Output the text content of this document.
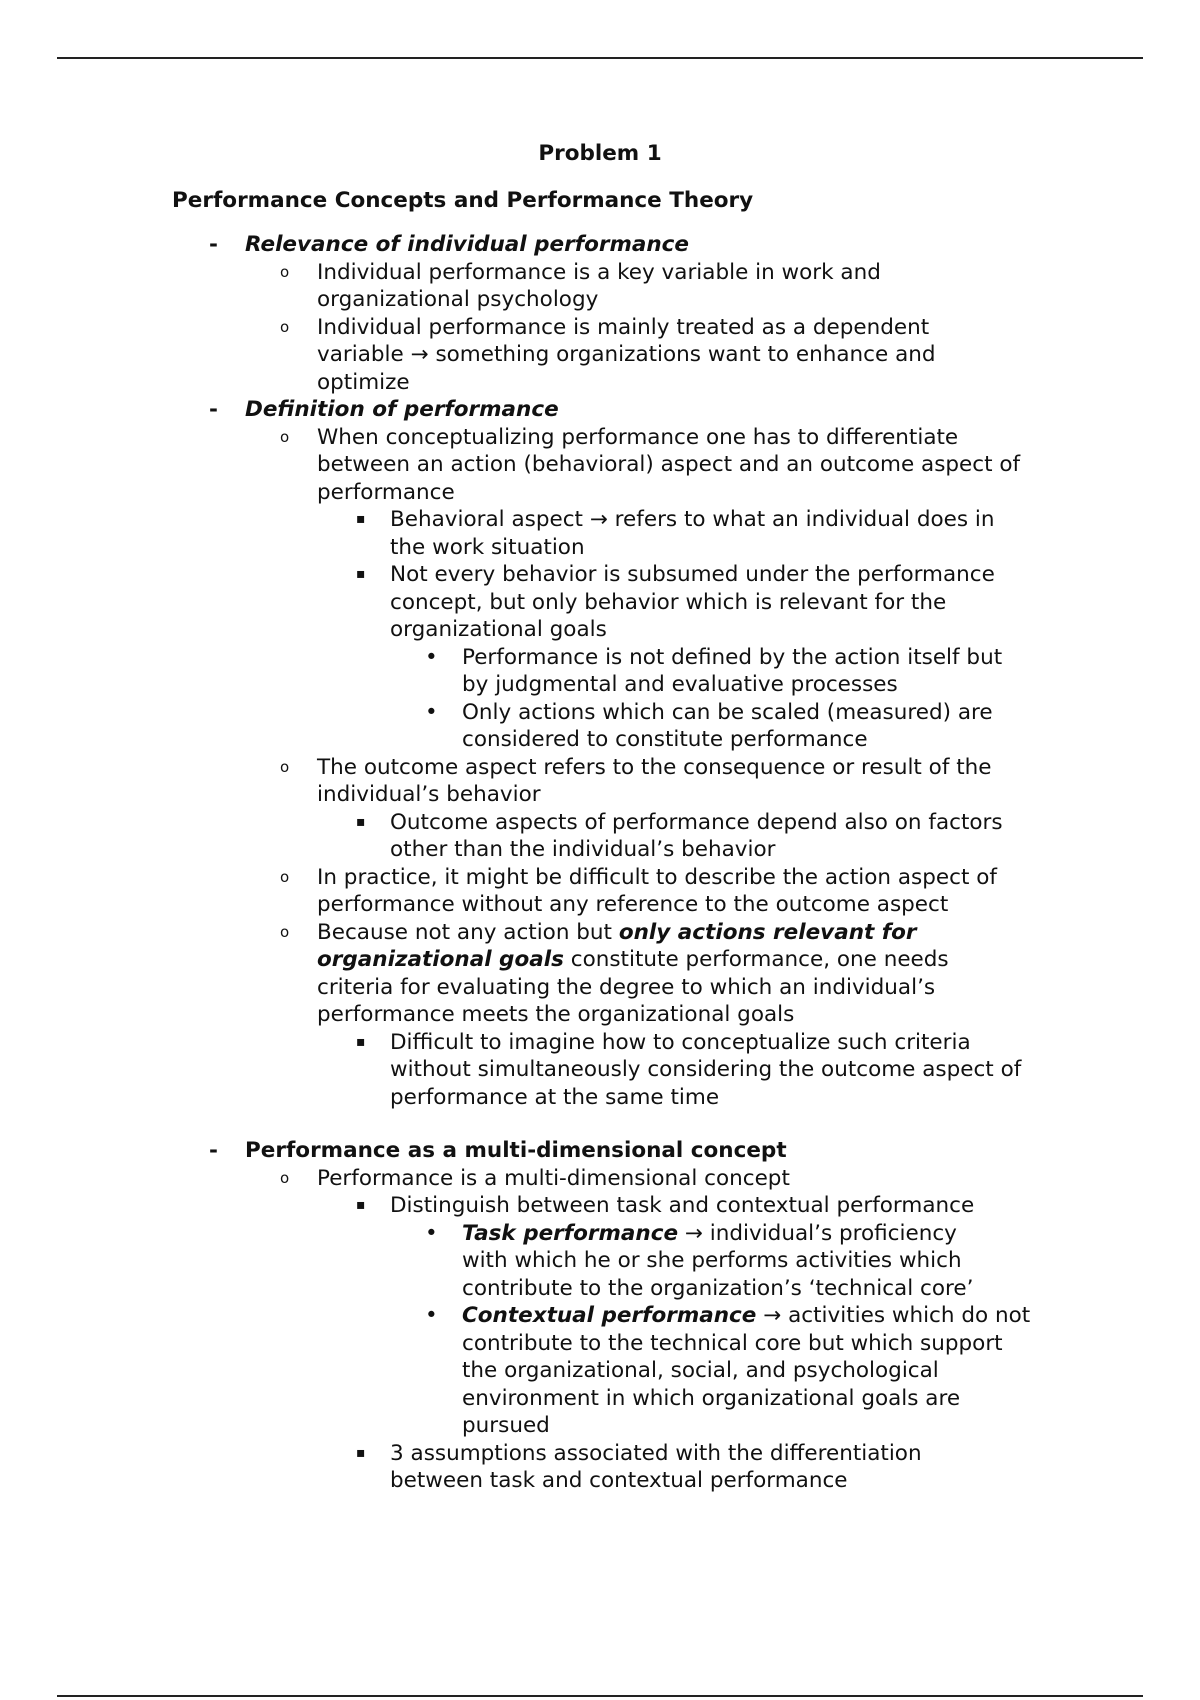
Problem 1
Performance Concepts and Performance Theory
- Relevance of individual performance
o Individual performance is a key variable in work and organizational psychology
o Individual performance is mainly treated as a dependent variable → something organizations want to enhance and optimize
- Definition of performance
o When conceptualizing performance one has to differentiate between an action (behavioral) aspect and an outcome aspect of performance
▪ Behavioral aspect → refers to what an individual does in the work situation
▪ Not every behavior is subsumed under the performance concept, but only behavior which is relevant for the organizational goals
• Performance is not defined by the action itself but by judgmental and evaluative processes
• Only actions which can be scaled (measured) are considered to constitute performance
o The outcome aspect refers to the consequence or result of the individual’s behavior
▪ Outcome aspects of performance depend also on factors other than the individual’s behavior
o In practice, it might be difficult to describe the action aspect of performance without any reference to the outcome aspect
o Because not any action but only actions relevant for organizational goals constitute performance, one needs criteria for evaluating the degree to which an individual’s performance meets the organizational goals
▪ Difficult to imagine how to conceptualize such criteria without simultaneously considering the outcome aspect of performance at the same time
- Performance as a multi-dimensional concept
o Performance is a multi-dimensional concept
▪ Distinguish between task and contextual performance
• Task performance → individual’s proficiency with which he or she performs activities which contribute to the organization’s ‘technical core’
• Contextual performance → activities which do not contribute to the technical core but which support the organizational, social, and psychological environment in which organizational goals are pursued
▪ 3 assumptions associated with the differentiation between task and contextual performance
